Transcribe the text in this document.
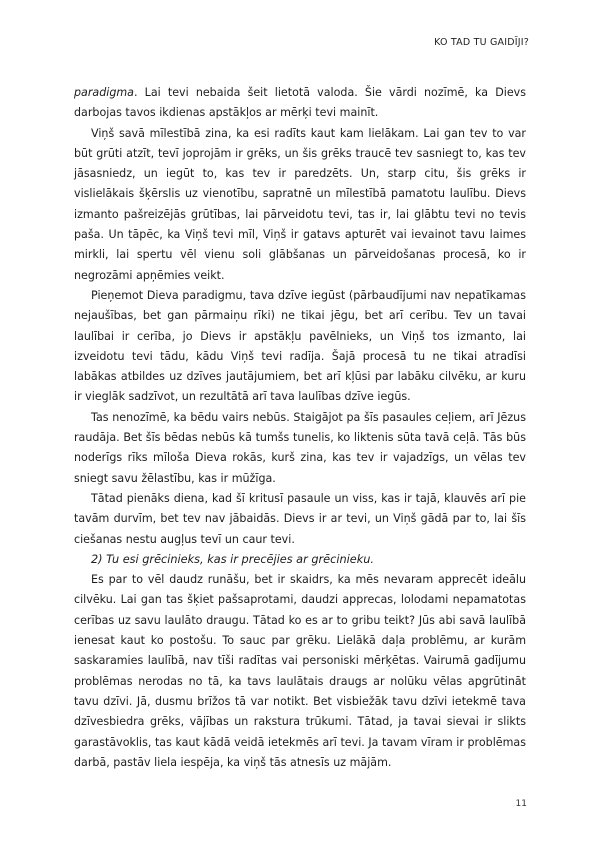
KO TAD TU GAIDĪJI?

paradigma. Lai tevi nebaida šeit lietotā valoda. Šie vārdi nozīmē, ka Dievs darbojas tavos ikdienas apstākļos ar mērķi tevi mainīt.

Viņš savā mīlestībā zina, ka esi radīts kaut kam lielākam. Lai gan tev to var būt grūti atzīt, tevī joprojām ir grēks, un šis grēks traucē tev sasniegt to, kas tev jāsasniedz, un iegūt to, kas tev ir paredzēts. Un, starp citu, šis grēks ir vislielākais šķērslis uz vienotību, sapratnē un mīlestībā pamatotu laulību. Dievs izmanto pašreizējās grūtības, lai pārveidotu tevi, tas ir, lai glābtu tevi no tevis paša. Un tāpēc, ka Viņš tevi mīl, Viņš ir gatavs apturēt vai ievainot tavu laimes mirkli, lai spertu vēl vienu soli glābšanas un pārveidošanas procesā, ko ir negrozāmi apņēmies veikt.

Pieņemot Dieva paradigmu, tava dzīve iegūst (pārbaudījumi nav nepatīkamas nejaušības, bet gan pārmaiņu rīki) ne tikai jēgu, bet arī cerību. Tev un tavai laulībai ir cerība, jo Dievs ir apstākļu pavēlnieks, un Viņš tos izmanto, lai izveidotu tevi tādu, kādu Viņš tevi radīja. Šajā procesā tu ne tikai atradīsi labākas atbildes uz dzīves jautājumiem, bet arī kļūsi par labāku cilvēku, ar kuru ir vieglāk sadzīvot, un rezultātā arī tava laulības dzīve iegūs.

Tas nenozīmē, ka bēdu vairs nebūs. Staigājot pa šīs pasaules ceļiem, arī Jēzus raudāja. Bet šīs bēdas nebūs kā tumšs tunelis, ko liktenis sūta tavā ceļā. Tās būs noderīgs rīks mīloša Dieva rokās, kurš zina, kas tev ir vajadzīgs, un vēlas tev sniegt savu žēlastību, kas ir mūžīga.

Tātad pienāks diena, kad šī kritusī pasaule un viss, kas ir tajā, klauvēs arī pie tavām durvīm, bet tev nav jābaidās. Dievs ir ar tevi, un Viņš gādā par to, lai šīs ciešanas nestu augļus tevī un caur tevi.

2) Tu esi grēcinieks, kas ir precējies ar grēcinieku.

Es par to vēl daudz runāšu, bet ir skaidrs, ka mēs nevaram apprecēt ideālu cilvēku. Lai gan tas šķiet pašsaprotami, daudzi apprecas, lolodami nepamatotas cerības uz savu laulāto draugu. Tātad ko es ar to gribu teikt? Jūs abi savā laulībā ienesat kaut ko postošu. To sauc par grēku. Lielākā daļa problēmu, ar kurām saskaramies laulībā, nav tīši radītas vai personiski mērķētas. Vairumā gadījumu problēmas nerodas no tā, ka tavs laulātais draugs ar nolūku vēlas apgrūtināt tavu dzīvi. Jā, dusmu brīžos tā var notikt. Bet visbiežāk tavu dzīvi ietekmē tava dzīvesbiedra grēks, vājības un rakstura trūkumi. Tātad, ja tavai sievai ir slikts garastāvoklis, tas kaut kādā veidā ietekmēs arī tevi. Ja tavam vīram ir problēmas darbā, pastāv liela iespēja, ka viņš tās atnesīs uz mājām.

11
